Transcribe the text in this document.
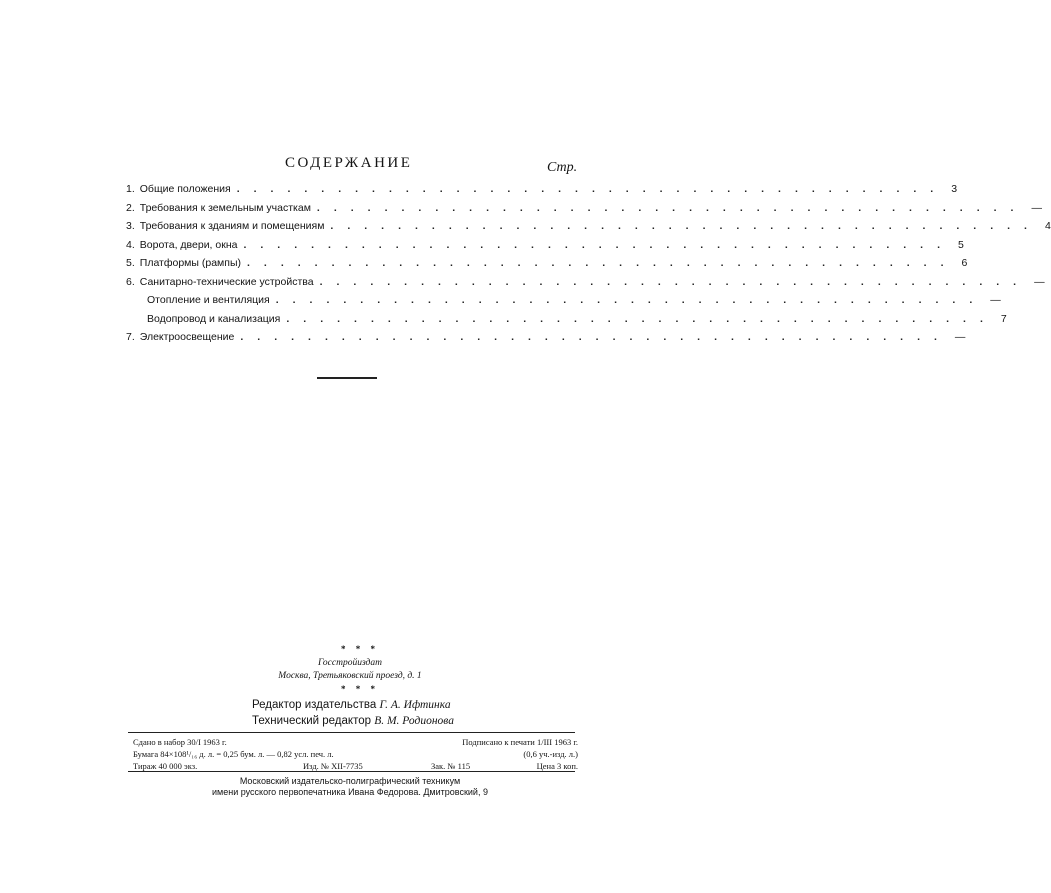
СОДЕРЖАНИЕ	Стр.
1. Общие положения .......................................... 3
2. Требования к земельным участкам .......................................... —
3. Требования к зданиям и помещениям .......................................... 4
4. Ворота, двери, окна .......................................... 5
5. Платформы (рампы) .......................................... 6
6. Санитарно-технические устройства .......................................... —
Отопление и вентиляция .......................................... —
Водопровод и канализация .......................................... 7
7. Электроосвещение .......................................... —
* * *
Госстройиздат
Москва, Третьяковский проезд, д. 1
* * *
Редактор издательства Г. А. Ифтинка
Технический редактор В. М. Родионова
Сдано в набор 30/I 1963 г.	Подписано к печати 1/III 1963 г.
Бумага 84×108¹/₁₆ д. л. = 0,25 бум. л. — 0,82 усл. печ. л.	(0,6 уч.-изд. л.)
Тираж 40 000 экз.	Изд. № XII-7735	Зак. № 115	Цена 3 коп.
Московский издательско-полиграфический техникум
имени русского первопечатника Ивана Федорова. Дмитровский, 9
